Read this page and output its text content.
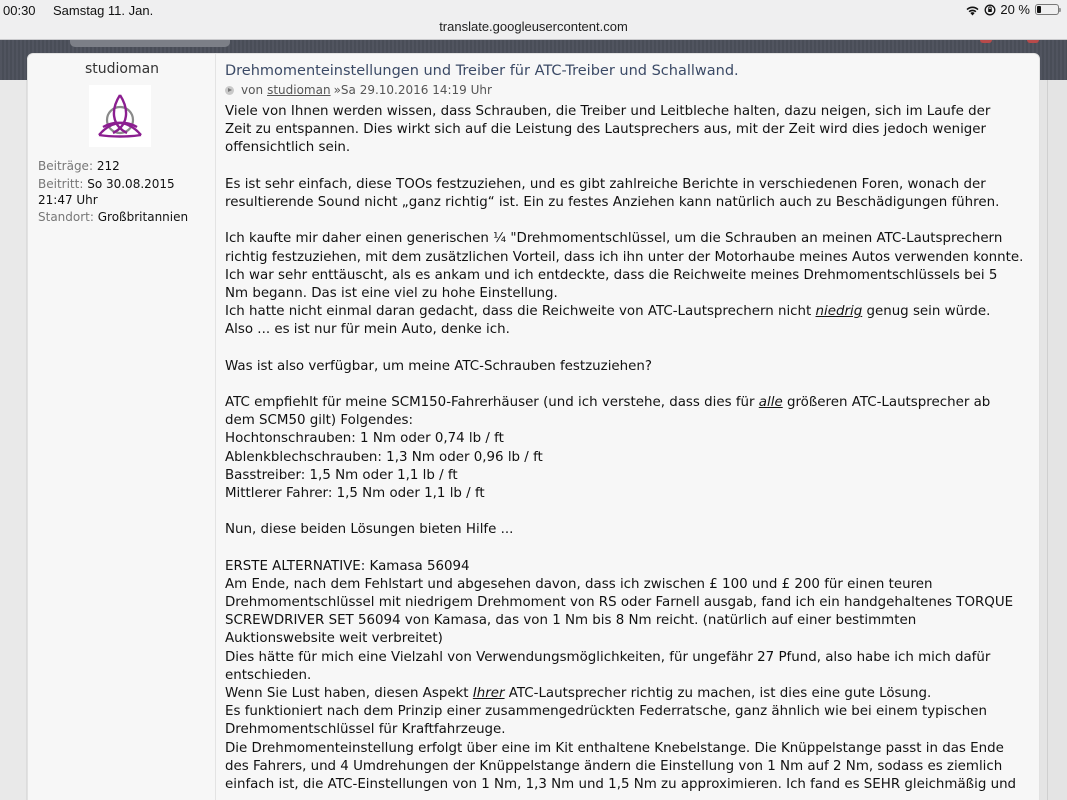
00:30 Samstag 11. Jan.	20 %
translate.googleusercontent.com
studioman
Beiträge: 212
Beitritt: So 30.08.2015
21:47 Uhr
Standort: Großbritannien
Drehmomenteinstellungen und Treiber für ATC-Treiber und Schallwand.
von studioman »Sa 29.10.2016 14:19 Uhr
Viele von Ihnen werden wissen, dass Schrauben, die Treiber und Leitbleche halten, dazu neigen, sich im Laufe der
Zeit zu entspannen. Dies wirkt sich auf die Leistung des Lautsprechers aus, mit der Zeit wird dies jedoch weniger
offensichtlich sein.
Es ist sehr einfach, diese TOOs festzuziehen, und es gibt zahlreiche Berichte in verschiedenen Foren, wonach der
resultierende Sound nicht „ganz richtig“ ist. Ein zu festes Anziehen kann natürlich auch zu Beschädigungen führen.
Ich kaufte mir daher einen generischen ¼ "Drehmomentschlüssel, um die Schrauben an meinen ATC-Lautsprechern
richtig festzuziehen, mit dem zusätzlichen Vorteil, dass ich ihn unter der Motorhaube meines Autos verwenden konnte.
Ich war sehr enttäuscht, als es ankam und ich entdeckte, dass die Reichweite meines Drehmomentschlüssels bei 5
Nm begann. Das ist eine viel zu hohe Einstellung.
Ich hatte nicht einmal daran gedacht, dass die Reichweite von ATC-Lautsprechern nicht niedrig genug sein würde.
Also ... es ist nur für mein Auto, denke ich.
Was ist also verfügbar, um meine ATC-Schrauben festzuziehen?
ATC empfiehlt für meine SCM150-Fahrerhäuser (und ich verstehe, dass dies für alle größeren ATC-Lautsprecher ab
dem SCM50 gilt) Folgendes:
Hochtonschrauben: 1 Nm oder 0,74 lb / ft
Ablenkblechschrauben: 1,3 Nm oder 0,96 lb / ft
Basstreiber: 1,5 Nm oder 1,1 lb / ft
Mittlerer Fahrer: 1,5 Nm oder 1,1 lb / ft
Nun, diese beiden Lösungen bieten Hilfe ...
ERSTE ALTERNATIVE: Kamasa 56094
Am Ende, nach dem Fehlstart und abgesehen davon, dass ich zwischen £ 100 und £ 200 für einen teuren
Drehmomentschlüssel mit niedrigem Drehmoment von RS oder Farnell ausgab, fand ich ein handgehaltenes TORQUE
SCREWDRIVER SET 56094 von Kamasa, das von 1 Nm bis 8 Nm reicht. (natürlich auf einer bestimmten
Auktionswebsite weit verbreitet)
Dies hätte für mich eine Vielzahl von Verwendungsmöglichkeiten, für ungefähr 27 Pfund, also habe ich mich dafür
entschieden.
Wenn Sie Lust haben, diesen Aspekt Ihrer ATC-Lautsprecher richtig zu machen, ist dies eine gute Lösung.
Es funktioniert nach dem Prinzip einer zusammengedrückten Federratsche, ganz ähnlich wie bei einem typischen
Drehmomentschlüssel für Kraftfahrzeuge.
Die Drehmomenteinstellung erfolgt über eine im Kit enthaltene Knebelstange. Die Knüppelstange passt in das Ende
des Fahrers, und 4 Umdrehungen der Knüppelstange ändern die Einstellung von 1 Nm auf 2 Nm, sodass es ziemlich
einfach ist, die ATC-Einstellungen von 1 Nm, 1,3 Nm und 1,5 Nm zu approximieren. Ich fand es SEHR gleichmäßig und
